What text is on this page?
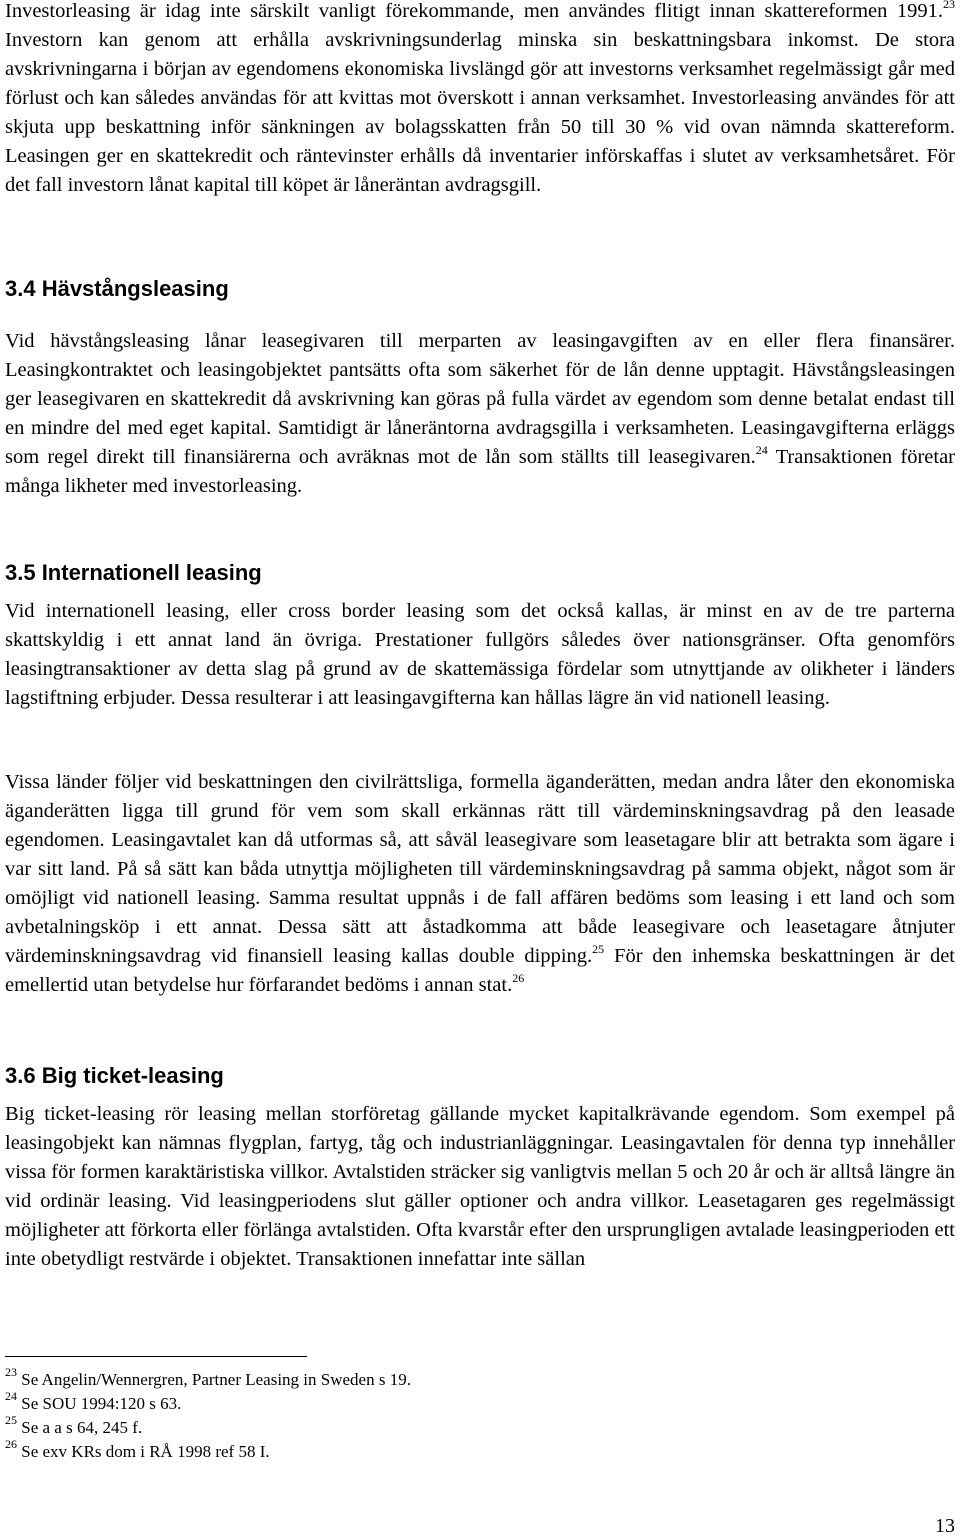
Investorleasing är idag inte särskilt vanligt förekommande, men användes flitigt innan skattereformen 1991.23 Investorn kan genom att erhålla avskrivningsunderlag minska sin beskattningsbara inkomst. De stora avskrivningarna i början av egendomens ekonomiska livslängd gör att investorns verksamhet regelmässigt går med förlust och kan således användas för att kvittas mot överskott i annan verksamhet. Investorleasing användes för att skjuta upp beskattning inför sänkningen av bolagsskatten från 50 till 30 % vid ovan nämnda skattereform. Leasingen ger en skattekredit och räntevinster erhålls då inventarier införskaffas i slutet av verksamhetsåret. För det fall investorn lånat kapital till köpet är låneräntan avdragsgill.

3.4 Hävstångsleasing

Vid hävstångsleasing lånar leasegivaren till merparten av leasingavgiften av en eller flera finansärer. Leasingkontraktet och leasingobjektet pantsätts ofta som säkerhet för de lån denne upptagit. Hävstångsleasingen ger leasegivaren en skattekredit då avskrivning kan göras på fulla värdet av egendom som denne betalat endast till en mindre del med eget kapital. Samtidigt är låneräntorna avdragsgilla i verksamheten. Leasingavgifterna erläggs som regel direkt till finansiärerna och avräknas mot de lån som ställts till leasegivaren.$^{24}$ Transaktionen företar många likheter med investorleasing.

3.5 Internationell leasing

Vid internationell leasing, eller cross border leasing som det också kallas, är minst en av de tre parterna skattskyldig i ett annat land än övriga. Prestationer fullgörs således över nationsgränser. Ofta genomförs leasingtransaktioner av detta slag på grund av de skattemässiga fördelar som utnyttjande av olikheter i länders lagstiftning erbjuder. Dessa resulterar i att leasingavgifterna kan hållas lägre än vid nationell leasing.

Vissa länder följer vid beskattningen den civilrättsliga, formella äganderätten, medan andra låter den ekonomiska äganderätten ligga till grund för vem som skall erkännas rätt till värdeminskningsavdrag på den leasade egendomen. Leasingavtalet kan då utformas så, att såväl leasegivare som leasetagare blir att betrakta som ägare i var sitt land. På så sätt kan båda utnyttja möjligheten till värdeminskningsavdrag på samma objekt, något som är omöjligt vid nationell leasing. Samma resultat uppnås i de fall affären bedöms som leasing i ett land och som avbetalningsköp i ett annat. Dessa sätt att åstadkomma att både leasegivare och leasetagare åtnjuter värdeminskningsavdrag vid finansiell leasing kallas double dipping.$^{25}$ För den inhemska beskattningen är det emellertid utan betydelse hur förfarandet bedöms i annan stat.$^{26}$

3.6 Big ticket-leasing

Big ticket-leasing rör leasing mellan storföretag gällande mycket kapitalkrävande egendom. Som exempel på leasingobjekt kan nämnas flygplan, fartyg, tåg och industrianläggningar. Leasingavtalen för denna typ innehåller vissa för formen karaktäristiska villkor. Avtalstiden sträcker sig vanligtvis mellan 5 och 20 år och är alltså längre än vid ordinär leasing. Vid leasingperiodens slut gäller optioner och andra villkor. Leasetagaren ges regelmässigt möjligheter att förkorta eller förlänga avtalstiden. Ofta kvarstår efter den ursprungligen avtalade leasingperioden ett inte obetydligt restvärde i objektet. Transaktionen innefattar inte sällan

$^{23}$ Se Angelin/Wennergren, Partner Leasing in Sweden s 19.

$^{24}$ Se SOU 1994:120 s 63.

$^{25}$ Se a a s 64, 245 f.

$^{26}$ Se exv KRs dom i RÅ 1998 ref 58 I.

13
